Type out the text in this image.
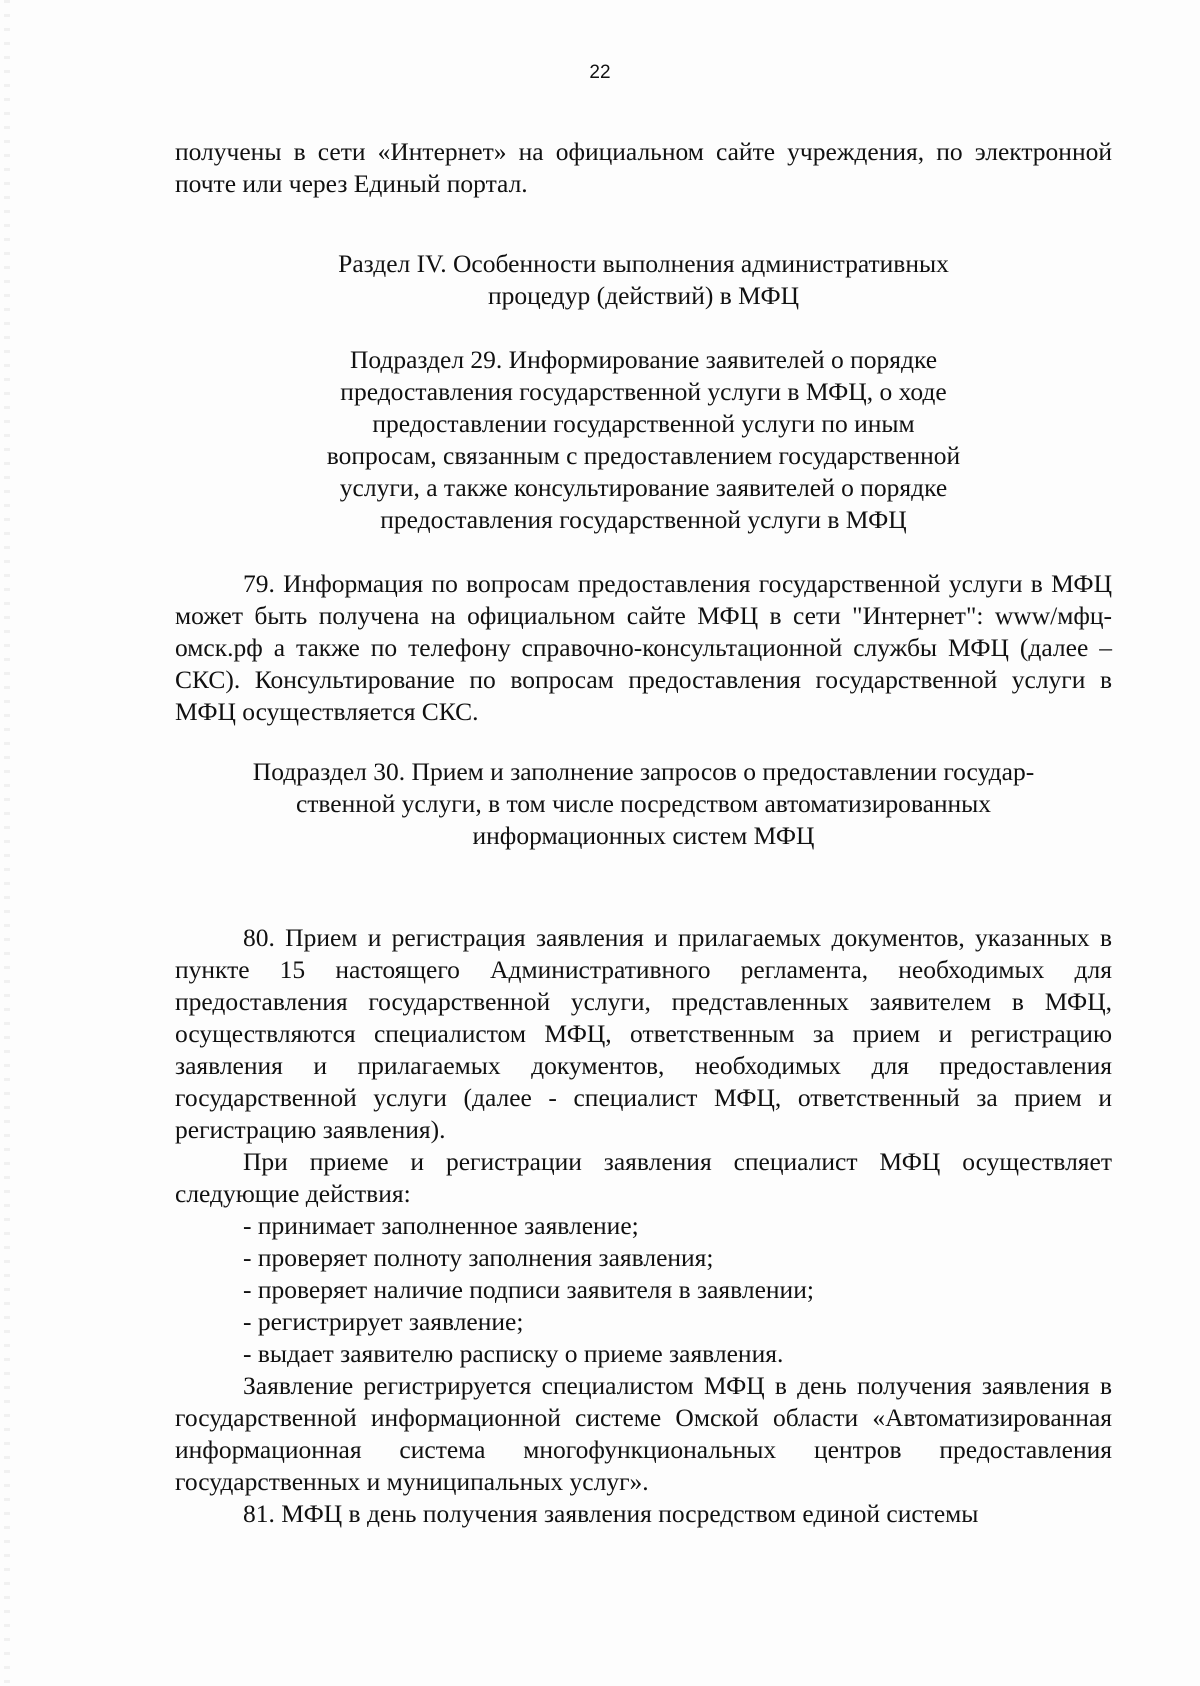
22

получены в сети «Интернет» на официальном сайте учреждения, по электронной почте или через Единый портал.

Раздел IV. Особенности выполнения административных

процедур (действий) в МФЦ

Подраздел 29. Информирование заявителей о порядке

предоставления государственной услуги в МФЦ, о ходе

предоставлении государственной услуги по иным

вопросам, связанным с предоставлением государственной

услуги, а также консультирование заявителей о порядке

предоставления государственной услуги в МФЦ

79. Информация по вопросам предоставления государственной услуги в МФЦ может быть получена на официальном сайте МФЦ в сети "Интернет": www/мфц-омск.рф а также по телефону справочно-консультационной службы МФЦ (далее – СКС). Консультирование по вопросам предоставления государственной услуги в МФЦ осуществляется СКС.

Подраздел 30. Прием и заполнение запросов о предоставлении государ-

ственной услуги, в том числе посредством автоматизированных

информационных систем МФЦ

80. Прием и регистрация заявления и прилагаемых документов, указанных в пункте 15 настоящего Административного регламента, необходимых для предоставления государственной услуги, представленных заявителем в МФЦ, осуществляются специалистом МФЦ, ответственным за прием и регистрацию заявления и прилагаемых документов, необходимых для предоставления государственной услуги (далее - специалист МФЦ, ответственный за прием и регистрацию заявления).

При приеме и регистрации заявления специалист МФЦ осуществляет следующие действия:

- принимает заполненное заявление;

- проверяет полноту заполнения заявления;

- проверяет наличие подписи заявителя в заявлении;

- регистрирует заявление;

- выдает заявителю расписку о приеме заявления.

Заявление регистрируется специалистом МФЦ в день получения заявления в государственной информационной системе Омской области «Автоматизированная информационная система многофункциональных центров предоставления государственных и муниципальных услуг».

81. МФЦ в день получения заявления посредством единой системы
